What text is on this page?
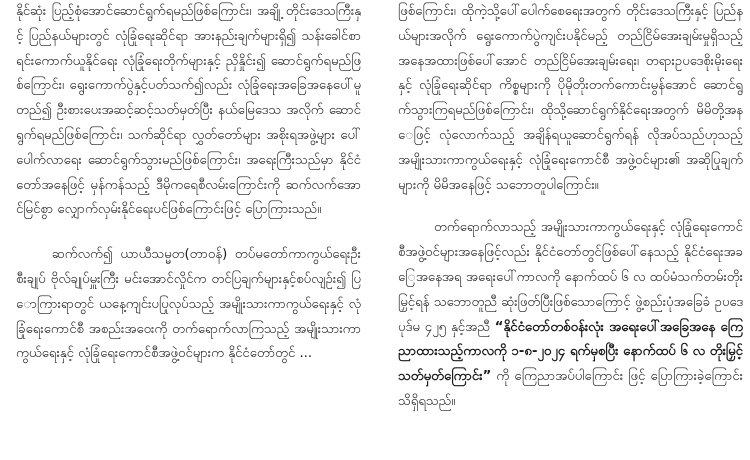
နိုင်ဆုံး ပြည့်စုံအောင်ဆောင်ရွက်ရမည်ဖြစ်ကြောင်း၊ အချို့ တိုင်းဒေသကြီးနှင့် ပြည်နယ်များတွင် လုံခြုံရေးဆိုင်ရာ အားနည်းချက်များရှိ၍ သန်းခေါင်စာရင်းကောက်ယူနိုင်ရေး လုံခြုံရေးတိုက်များနှင့် ညှိနှိုင်း၍ ဆောင်ရွက်ရမည်ဖြစ်ကြောင်း၊ ရွေးကောက်ပွဲနှင့်ပတ်သက်၍လည်း လုံခြုံရေးအခြေအနေပေါ်မူတည်၍ ဦးစားပေးအဆင့်ဆင့်သတ်မှတ်ပြီး နယ်မြေဒေသ အလိုက် ဆောင်ရွက်ရမည်ဖြစ်ကြောင်း၊ သက်ဆိုင်ရာ လွှတ်တော်များ အစိုးရအဖွဲ့များ ပေါ်ပေါက်လာရေး ဆောင်ရွက်သွားမည်ဖြစ်ကြောင်း၊ အရေးကြီးသည်မှာ နိုင်ငံတော်အနေဖြင့် မှန်ကန်သည့် ဒီမိုကရေစီလမ်းကြောင်းကို ဆက်လက်အောင်မြင်စွာ လျှောက်လှမ်းနိုင်ရေးပင်ဖြစ်ကြောင်းဖြင့် ပြောကြားသည်။

ဆက်လက်၍ ယာယီသမ္မတ(တာဝန်) တပ်မတော်ကာကွယ်ရေးဦးစီးချုပ် ဗိုလ်ချုပ်မှူးကြီး မင်းအောင်လှိုင်က တင်ပြချက်များနှင့်စပ်လျဉ်း၍ ပြောကြားရာတွင် ယနေ့ကျင်းပပြုလုပ်သည့် အမျိုးသားကာကွယ်ရေးနှင့် လုံခြုံရေးကောင်စီ အစည်းအဝေးကို တက်ရောက်လာကြသည့် အမျိုးသားကာကွယ်ရေးနှင့် လုံခြုံရေးကောင်စီအဖွဲ့ဝင်များက နိုင်ငံတော်တွင် ...

ဖြစ်ကြောင်း၊ ထိုကဲ့သို့ပေါ်ပေါက်စေရေးအတွက် တိုင်းဒေသကြီးနှင့် ပြည်နယ်များအလိုက် ရွေးကောက်ပွဲကျင်းပနိုင်မည့် တည်ငြိမ်အေးချမ်းမှုရှိသည့် အနေအထားဖြစ်ပေါ်အောင် တည်ငြိမ်အေးချမ်းရေး၊ တရားဥပဒေစိုးမိုးရေးနှင့် လုံခြုံရေးဆိုင်ရာ ကိစ္စများကို ပိုမိုတိုးတက်ကောင်းမွန်အောင် ဆောင်ရွက်သွားကြရမည်ဖြစ်ကြောင်း၊ ထိုသို့ဆောင်ရွက်နိုင်ရေးအတွက် မိမိတို့အနေဖြင့် လုံလောက်သည့် အချိန်ရယူဆောင်ရွက်ရန် လိုအပ်သည်ဟုသည့် အမျိုးသားကာကွယ်ရေးနှင့် လုံခြုံရေးကောင်စီ အဖွဲ့ဝင်များ၏ အဆိုပြုချက်များကို မိမိအနေဖြင့် သဘောတူပါကြောင်း။

တက်ရောက်လာသည့် အမျိုးသားကာကွယ်ရေးနှင့် လုံခြုံရေးကောင်စီအဖွဲ့ဝင်များအနေဖြင့်လည်း နိုင်ငံတော်တွင်ဖြစ်ပေါ်နေသည့် နိုင်ငံရေးအခြေအနေအရ အရေးပေါ်ကာလကို နောက်ထပ် ၆ လ ထပ်မံသက်တမ်းတိုးမြှင့်ရန် သဘောတူညီ ဆုံးဖြတ်ပြီးဖြစ်သောကြောင့် ဖွဲ့စည်းပုံအခြေခံ ဥပဒေပုဒ်မ ၄၂၅ နှင့်အညီ “နိုင်ငံတော်တစ်ဝန်းလုံး အရေးပေါ်အခြေအနေ ကြေညာထားသည့်ကာလကို ၁-၈-၂၀၂၄ ရက်မှစပြီး နောက်ထပ် ၆ လ တိုးမြှင့်သတ်မှတ်ကြောင်း” ကို ကြေညာအပ်ပါကြောင်း ဖြင့် ပြောကြားခဲ့ကြောင်း သိရှိရသည်။
